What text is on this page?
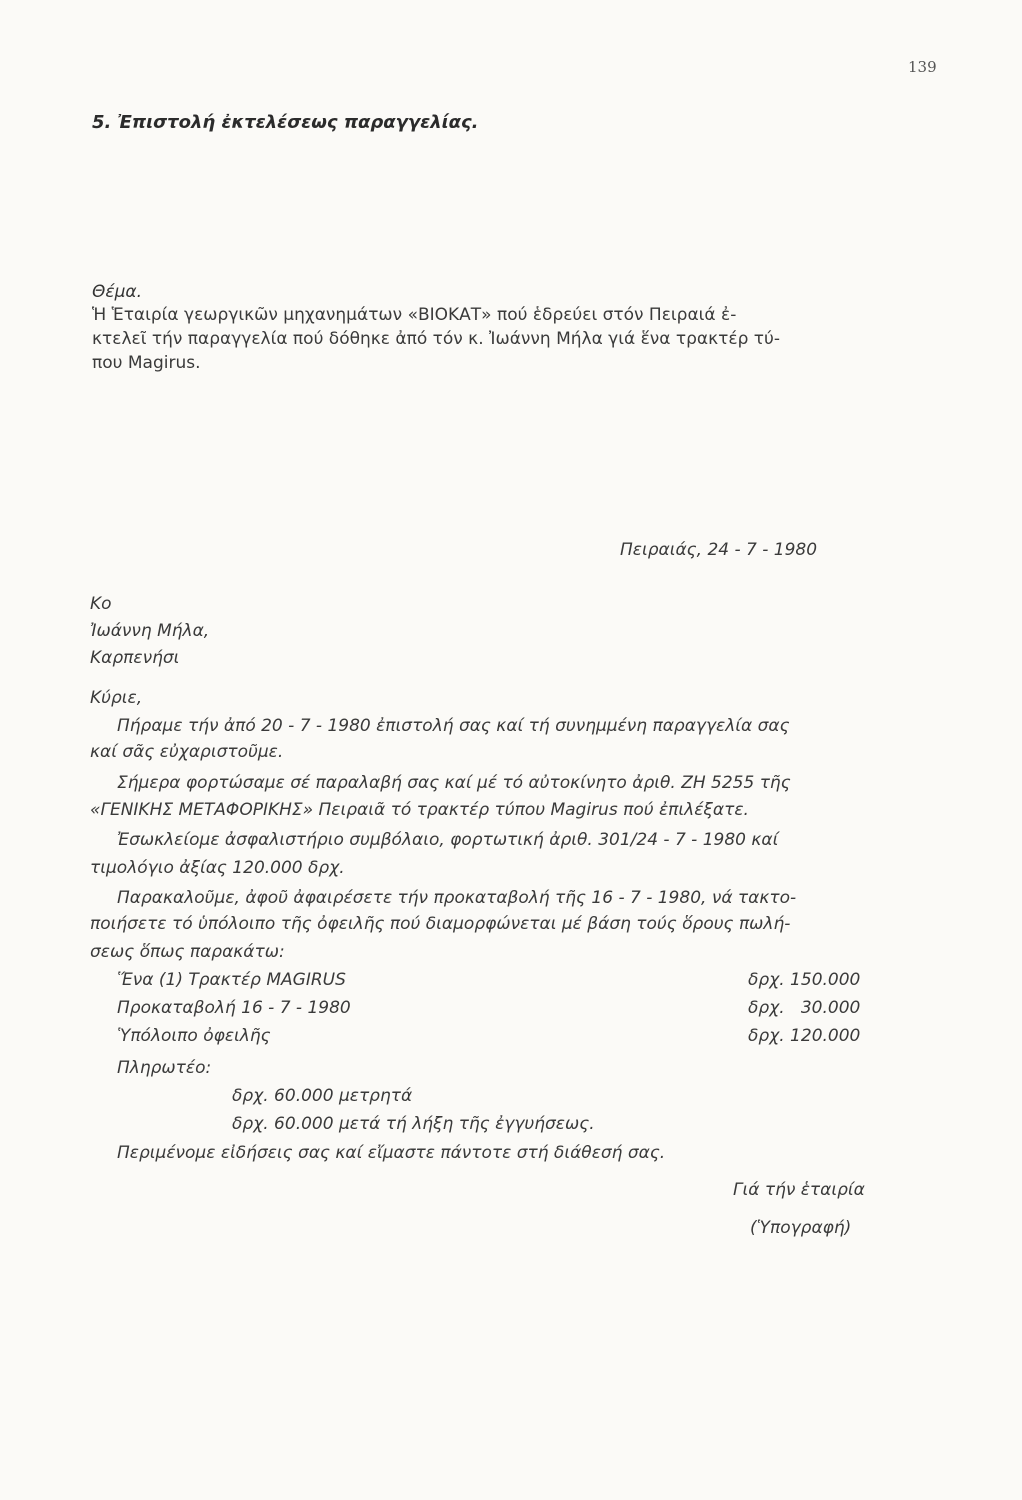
139
5. Ἐπιστολή ἐκτελέσεως παραγγελίας.
Θέμα.

Ἡ Ἑταιρία γεωργικῶν μηχανημάτων «ΒΙΟΚΑΤ» πού ἑδρεύει στόν Πειραιά ἐ-

κτελεῖ τήν παραγγελία πού δόθηκε ἀπό τόν κ. Ἰωάννη Μήλα γιά ἕνα τρακτέρ τύ-

που Magirus.

Πειραιάς, 24 - 7 - 1980
Κο
Ἰωάννη Μήλα,
Καρπενήσι
Κύριε,
Πήραμε τήν ἀπό 20 - 7 - 1980 ἐπιστολή σας καί τή συνημμένη παραγγελία σας
καί σᾶς εὐχαριστοῦμε.
Σήμερα φορτώσαμε σέ παραλαβή σας καί μέ τό αὐτοκίνητο ἀριθ. ΖΗ 5255 τῆς
«ΓΕΝΙΚΗΣ ΜΕΤΑΦΟΡΙΚΗΣ» Πειραιᾶ τό τρακτέρ τύπου Magirus πού ἐπιλέξατε.
Ἐσωκλείομε ἀσφαλιστήριο συμβόλαιο, φορτωτική ἀριθ. 301/24 - 7 - 1980 καί
τιμολόγιο ἀξίας 120.000 δρχ.
Παρακαλοῦμε, ἀφοῦ ἀφαιρέσετε τήν προκαταβολή τῆς 16 - 7 - 1980, νά τακτο-
ποιήσετε τό ὑπόλοιπο τῆς ὀφειλῆς πού διαμορφώνεται μέ βάση τούς ὅρους πωλή-
σεως ὅπως παρακάτω:
Ἕνα (1) Τρακτέρ MAGIRUS	δρχ. 150.000
Προκαταβολή 16 - 7 - 1980	δρχ.   30.000
Ὑπόλοιπο ὀφειλῆς	δρχ. 120.000
Πληρωτέο:
δρχ. 60.000 μετρητά
δρχ. 60.000 μετά τή λήξη τῆς ἐγγυήσεως.
Περιμένομε εἰδήσεις σας καί εἴμαστε πάντοτε στή διάθεσή σας.
Γιά τήν ἑταιρία
(Ὑπογραφή)
